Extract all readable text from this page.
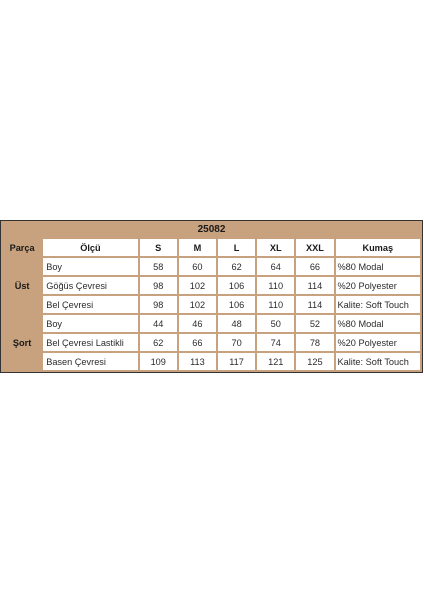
25082
Parça	Ölçü	S	M	L	XL	XXL	Kumaş
Üst	Boy	58	60	62	64	66	%80 Modal
	Göğüs Çevresi	98	102	106	110	114	%20 Polyester
	Bel Çevresi	98	102	106	110	114	Kalite: Soft Touch
Şort	Boy	44	46	48	50	52	%80 Modal
	Bel Çevresi Lastikli	62	66	70	74	78	%20 Polyester
	Basen Çevresi	109	113	117	121	125	Kalite: Soft Touch
